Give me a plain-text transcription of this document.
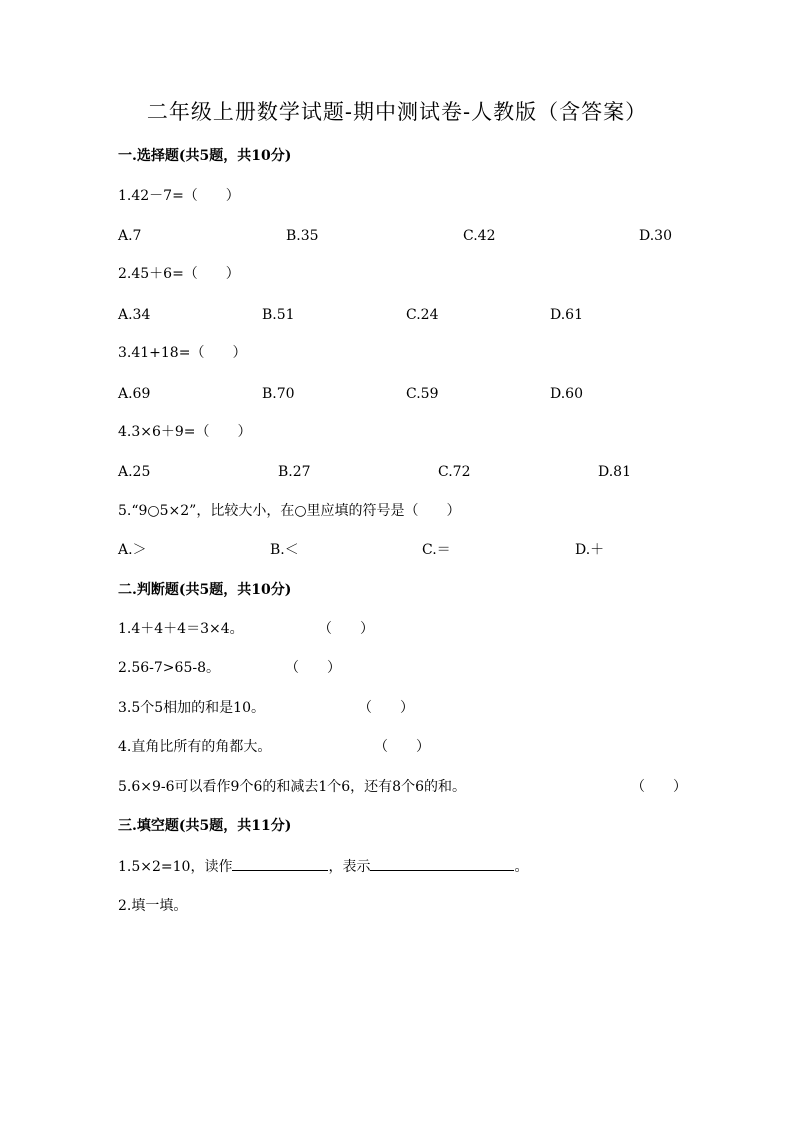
二年级上册数学试题-期中测试卷-人教版（含答案）
一.选择题(共5题，共10分)
1.42－7=（　　）
A.7	B.35	C.42	D.30
2.45＋6=（　　）
A.34	B.51	C.24	D.61
3.41+18=（　　）
A.69	B.70	C.59	D.60
4.3×6＋9=（　　）
A.25	B.27	C.72	D.81
5.“9○5×2”，比较大小，在○里应填的符号是（　　）
A.＞	B.＜	C.＝	D.＋
二.判断题(共5题，共10分)
1.4＋4＋4＝3×4。	（　　）
2.56-7>65-8。	（　　）
3.5个5相加的和是10。	（　　）
4.直角比所有的角都大。	（　　）
5.6×9-6可以看作9个6的和减去1个6，还有8个6的和。	（　　）
三.填空题(共5题，共11分)
1.5×2=10，读作	，表示	。
2.填一填。
